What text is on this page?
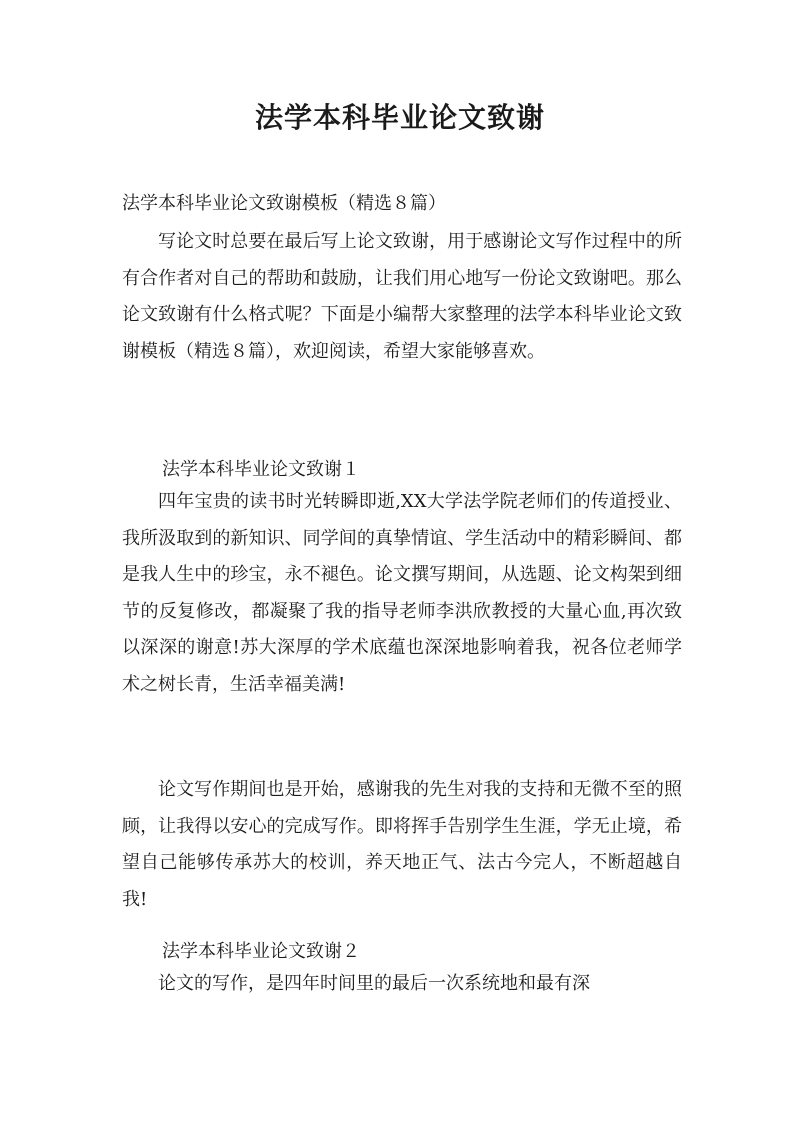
法学本科毕业论文致谢

法学本科毕业论文致谢模板（精选８篇）

写论文时总要在最后写上论文致谢，用于感谢论文写作过程中的所有合作者对自己的帮助和鼓励，让我们用心地写一份论文致谢吧。那么论文致谢有什么格式呢？下面是小编帮大家整理的法学本科毕业论文致谢模板（精选８篇），欢迎阅读，希望大家能够喜欢。

法学本科毕业论文致谢１

四年宝贵的读书时光转瞬即逝,XX大学法学院老师们的传道授业、我所汲取到的新知识、同学间的真挚情谊、学生活动中的精彩瞬间、都是我人生中的珍宝，永不褪色。论文撰写期间，从选题、论文构架到细节的反复修改，都凝聚了我的指导老师李洪欣教授的大量心血,再次致以深深的谢意!苏大深厚的学术底蕴也深深地影响着我，祝各位老师学术之树长青，生活幸福美满!

论文写作期间也是开始，感谢我的先生对我的支持和无微不至的照顾，让我得以安心的完成写作。即将挥手告别学生生涯，学无止境，希望自己能够传承苏大的校训，养天地正气、法古今完人，不断超越自我!

法学本科毕业论文致谢２

论文的写作，是四年时间里的最后一次系统地和最有深
